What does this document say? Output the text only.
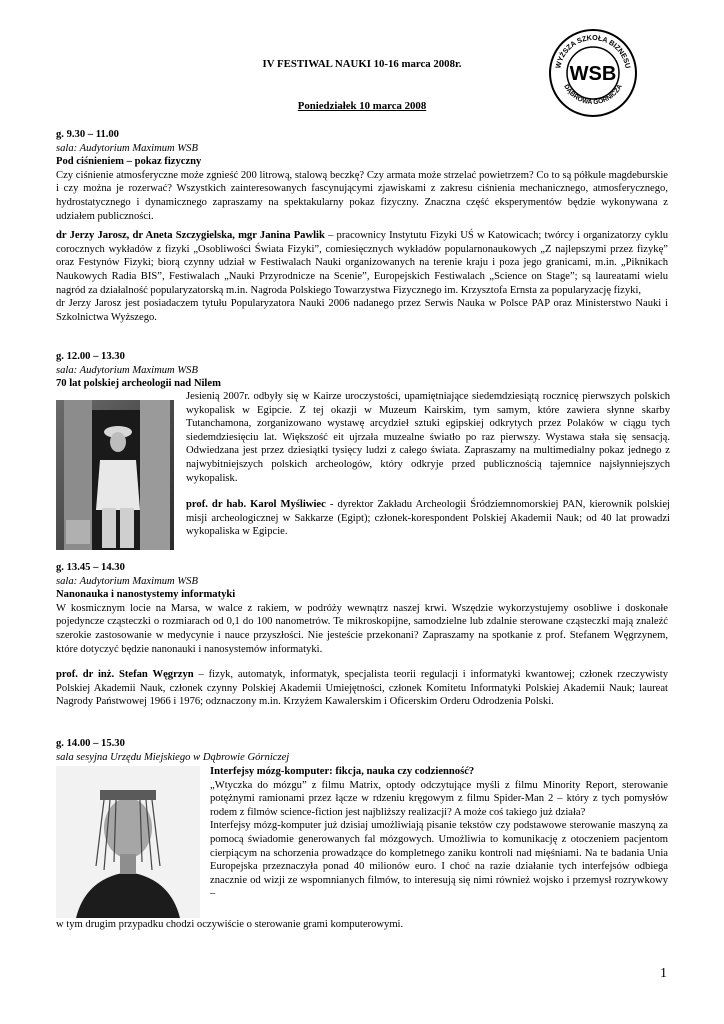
WYŻSZA SZKOŁA BIZNESU
DĄBROWA GÓRNICZA
WSB
IV FESTIWAL NAUKI 10-16 marca 2008r.
Poniedziałek 10 marca 2008
g. 9.30 – 11.00
sala: Audytorium Maximum WSB
Pod ciśnieniem – pokaz fizyczny
Czy ciśnienie atmosferyczne może zgnieść 200 litrową, stalową beczkę? Czy armata może strzelać powietrzem? Co to są półkule magdeburskie i czy można je rozerwać? Wszystkich zainteresowanych fascynującymi zjawiskami z zakresu ciśnienia mechanicznego, atmosferycznego, hydrostatycznego i dynamicznego zapraszamy na spektakularny pokaz fizyczny. Znaczna część eksperymentów będzie wykonywana z udziałem publiczności.
dr Jerzy Jarosz, dr Aneta Szczygielska, mgr Janina Pawlik – pracownicy Instytutu Fizyki UŚ w Katowicach; twórcy i organizatorzy cyklu corocznych wykładów z fizyki „Osobliwości Świata Fizyki”, comiesięcznych wykładów popularnonaukowych „Z najlepszymi przez fizykę” oraz Festynów Fizyki; biorą czynny udział w Festiwalach Nauki organizowanych na terenie kraju i poza jego granicami, m.in. „Piknikach Naukowych Radia BIS”, Festiwalach „Nauki Przyrodnicze na Scenie”, Europejskich Festiwalach „Science on Stage”; są laureatami wielu nagród za działalność popularyzatorską m.in. Nagroda Polskiego Towarzystwa Fizycznego im. Krzysztofa Ernsta za popularyzację fizyki,
dr Jerzy Jarosz jest posiadaczem tytułu Popularyzatora Nauki 2006 nadanego przez Serwis Nauka w Polsce PAP oraz Ministerstwo Nauki i Szkolnictwa Wyższego.
g. 12.00 – 13.30
sala: Audytorium Maximum WSB
70 lat polskiej archeologii nad Nilem
Jesienią 2007r. odbyły się w Kairze uroczystości, upamiętniające siedemdziesiątą rocznicę pierwszych polskich wykopalisk w Egipcie. Z tej okazji w Muzeum Kairskim, tym samym, które zawiera słynne skarby Tutanchamona, zorganizowano wystawę arcydzieł sztuki egipskiej odkrytych przez Polaków w ciągu tych siedemdziesięciu lat. Większość eit ujrzała muzealne światło po raz pierwszy. Wystawa stała się sensacją. Odwiedzana jest przez dziesiątki tysięcy ludzi z całego świata. Zapraszamy na multimedialny pokaz jednego z najwybitniejszych polskich archeologów, który odkryje przed publicznością tajemnice najsłynniejszych wykopalisk.
prof. dr hab. Karol Myśliwiec - dyrektor Zakładu Archeologii Śródziemnomorskiej PAN, kierownik polskiej misji archeologicznej w Sakkarze (Egipt); członek-korespondent Polskiej Akademii Nauk; od 40 lat prowadzi wykopaliska w Egipcie.
g. 13.45 – 14.30
sala: Audytorium Maximum WSB
Nanonauka i nanostystemy informatyki
W kosmicznym locie na Marsa, w walce z rakiem, w podróży wewnątrz naszej krwi. Wszędzie wykorzystujemy osobliwe i doskonałe pojedyncze cząsteczki o rozmiarach od 0,1 do 100 nanometrów. Te mikroskopijne, samodzielne lub zdalnie sterowane cząsteczki mają znaleźć szerokie zastosowanie w medycynie i nauce przyszłości. Nie jesteście przekonani? Zapraszamy na spotkanie z prof. Stefanem Węgrzynem, które dotyczyć będzie nanonauki i nanosystemów informatyki.
prof. dr inż. Stefan Węgrzyn – fizyk, automatyk, informatyk, specjalista teorii regulacji i informatyki kwantowej; członek rzeczywisty Polskiej Akademii Nauk, członek czynny Polskiej Akademii Umiejętności, członek Komitetu Informatyki Polskiej Akademii Nauk; laureat Nagrody Państwowej 1966 i 1976; odznaczony m.in. Krzyżem Kawalerskim i Oficerskim Orderu Odrodzenia Polski.
g. 14.00 – 15.30
sala sesyjna Urzędu Miejskiego w Dąbrowie Górniczej
Interfejsy mózg-komputer: fikcja, nauka czy codzienność?
„Wtyczka do mózgu” z filmu Matrix, optody odczytujące myśli z filmu Minority Report, sterowanie potężnymi ramionami przez łącze w rdzeniu kręgowym z filmu Spider-Man 2 – który z tych pomysłów rodem z filmów science-fiction jest najbliższy realizacji? A może coś takiego już działa?
Interfejsy mózg-komputer już dzisiaj umożliwiają pisanie tekstów czy podstawowe sterowanie maszyną za pomocą świadomie generowanych fal mózgowych. Umożliwia to komunikację z otoczeniem pacjentom cierpiącym na schorzenia prowadzące do kompletnego zaniku kontroli nad mięśniami. Na te badania Unia Europejska przeznaczyła ponad 40 milionów euro. I choć na razie działanie tych interfejsów odbiega znacznie od wizji ze wspomnianych filmów, to interesują się nimi również wojsko i przemysł rozrywkowy –
w tym drugim przypadku chodzi oczywiście o sterowanie grami komputerowymi.
1
